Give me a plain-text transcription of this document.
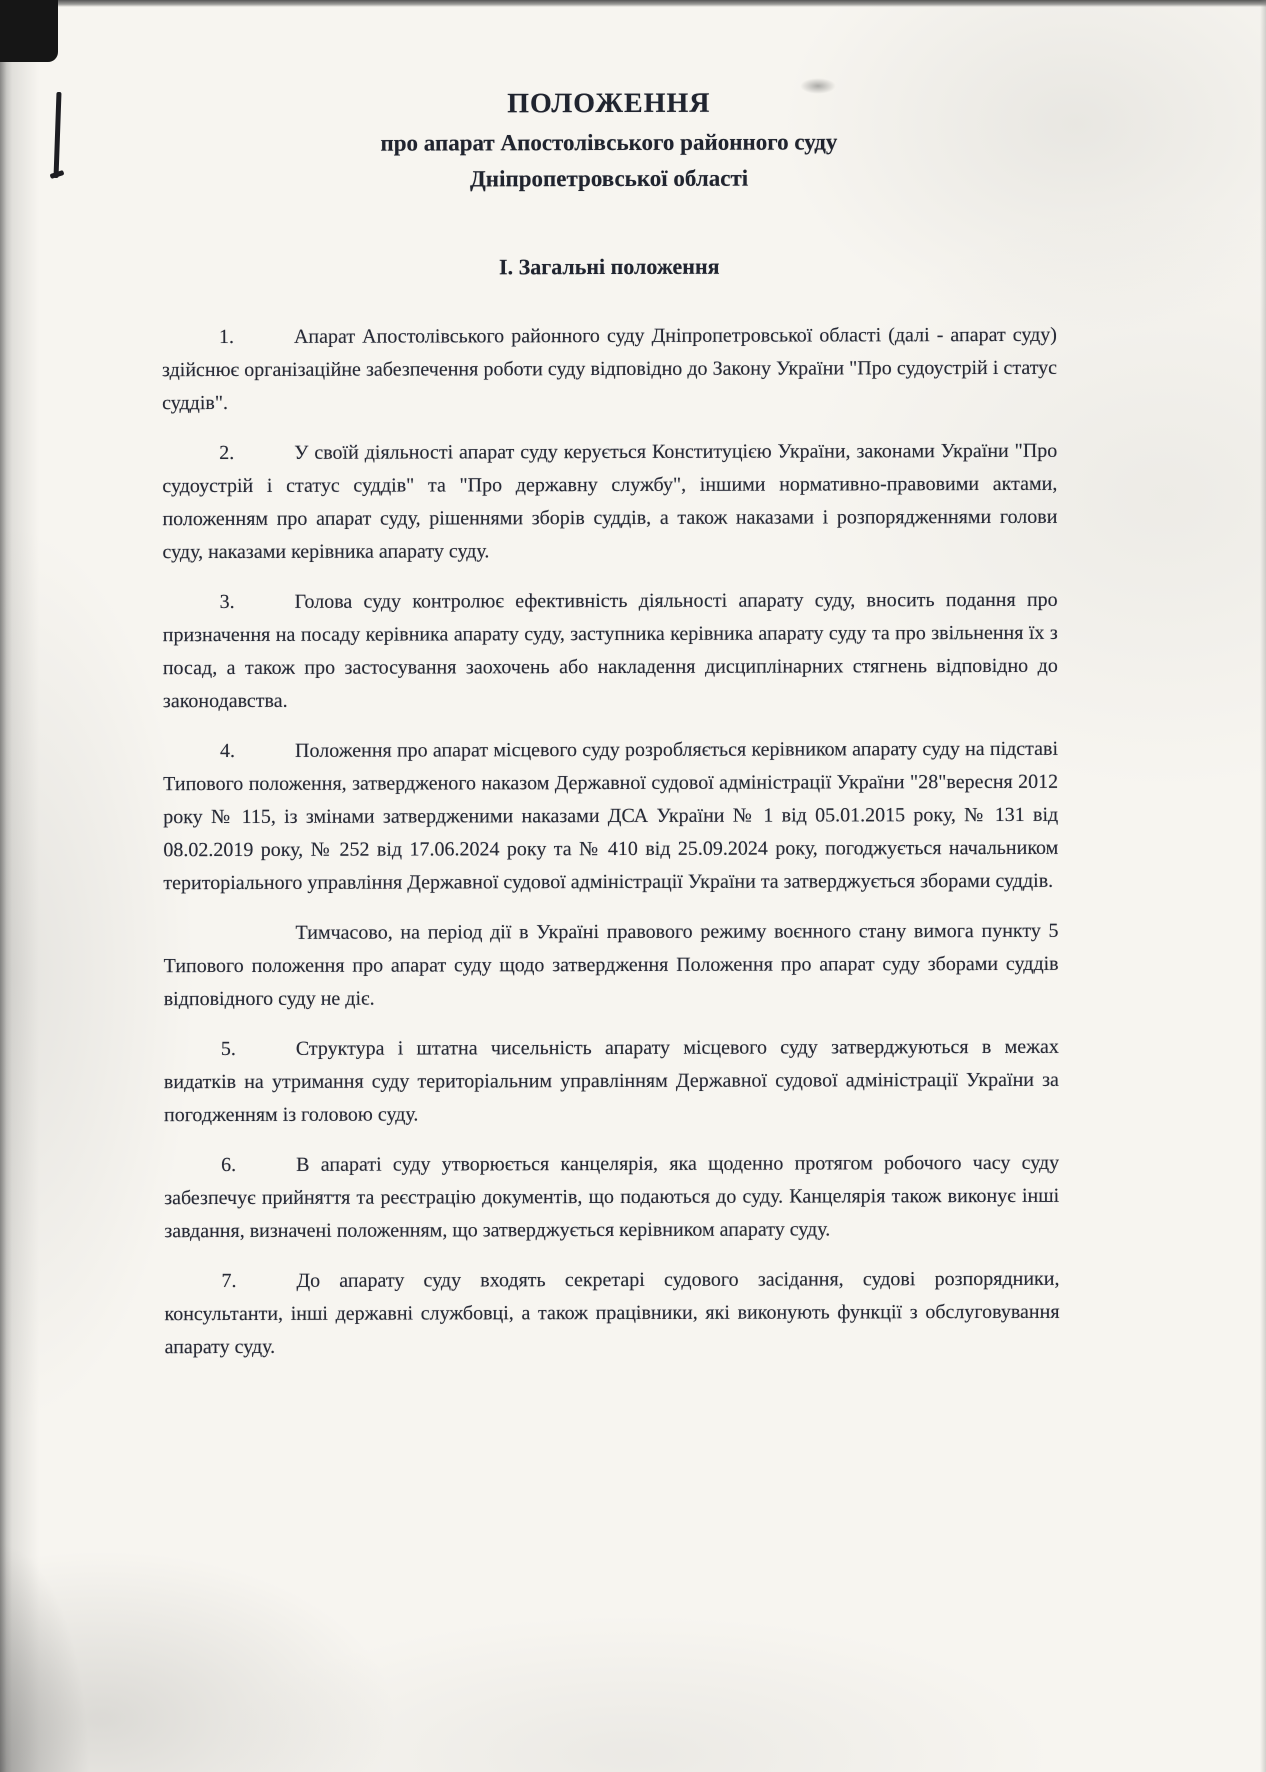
ПОЛОЖЕННЯ
про апарат Апостолівського районного суду
Дніпропетровської області
І. Загальні положення
1.	Апарат Апостолівського районного суду Дніпропетровської області (далі - апарат суду) здійснює організаційне забезпечення роботи суду відповідно до Закону України "Про судоустрій і статус суддів".
2.	У своїй діяльності апарат суду керується Конституцією України, законами України "Про судоустрій і статус суддів" та "Про державну службу", іншими нормативно-правовими актами, положенням про апарат суду, рішеннями зборів суддів, а також наказами і розпорядженнями голови суду, наказами керівника апарату суду.
3.	Голова суду контролює ефективність діяльності апарату суду, вносить подання про призначення на посаду керівника апарату суду, заступника керівника апарату суду та про звільнення їх з посад, а також про застосування заохочень або накладення дисциплінарних стягнень відповідно до законодавства.
4.	Положення про апарат місцевого суду розробляється керівником апарату суду на підставі Типового положення, затвердженого наказом Державної судової адміністрації України "28"вересня 2012 року № 115, із змінами затвердженими наказами ДСА України № 1 від 05.01.2015 року, № 131 від 08.02.2019 року, № 252 від 17.06.2024 року та № 410 від 25.09.2024 року, погоджується начальником територіального управління Державної судової адміністрації України та затверджується зборами суддів.
Тимчасово, на період дії в Україні правового режиму воєнного стану вимога пункту 5 Типового положення про апарат суду щодо затвердження Положення про апарат суду зборами суддів відповідного суду не діє.
5.	Структура і штатна чисельність апарату місцевого суду затверджуються в межах видатків на утримання суду територіальним управлінням Державної судової адміністрації України за погодженням із головою суду.
6.	В апараті суду утворюється канцелярія, яка щоденно протягом робочого часу суду забезпечує прийняття та реєстрацію документів, що подаються до суду. Канцелярія також виконує інші завдання, визначені положенням, що затверджується керівником апарату суду.
7.	До апарату суду входять секретарі судового засідання, судові розпорядники, консультанти, інші державні службовці, а також працівники, які виконують функції з обслуговування апарату суду.
